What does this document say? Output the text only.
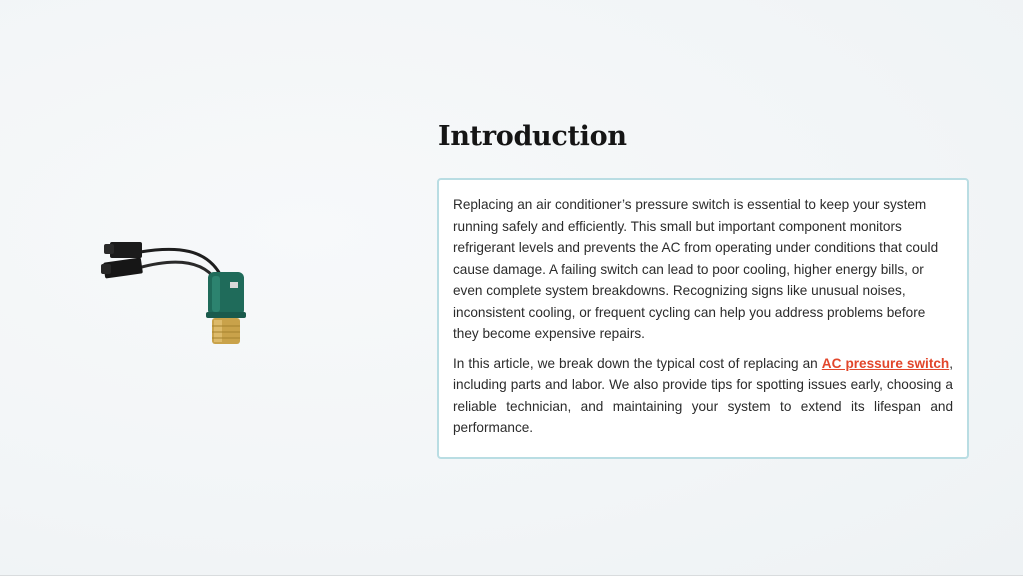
Introduction

Replacing an air conditioner’s pressure switch is essential to keep your system running safely and efficiently. This small but important component monitors refrigerant levels and prevents the AC from operating under conditions that could cause damage. A failing switch can lead to poor cooling, higher energy bills, or even complete system breakdowns. Recognizing signs like unusual noises, inconsistent cooling, or frequent cycling can help you address problems before they become expensive repairs.

In this article, we break down the typical cost of replacing an AC pressure switch, including parts and labor. We also provide tips for spotting issues early, choosing a reliable technician, and maintaining your system to extend its lifespan and performance.
